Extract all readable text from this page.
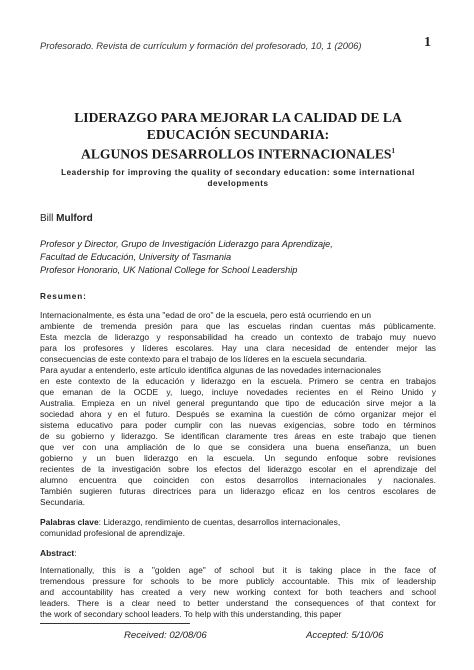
Profesorado. Revista de currículum y formación del profesorado, 10, 1 (2006)	1
LIDERAZGO PARA MEJORAR LA CALIDAD DE LA
EDUCACIÓN SECUNDARIA:
ALGUNOS DESARROLLOS INTERNACIONALES$^1$
Leadership for improving the quality of secondary education: some international
developments
Bill Mulford
Profesor y Director, Grupo de Investigación Liderazgo para Aprendizaje,
Facultad de Educación, University of Tasmania
Profesor Honorario, UK National College for School Leadership
Resumen:
Internacionalmente, es ésta una "edad de oro" de la escuela, pero está ocurriendo en un
ambiente de tremenda presión para que las escuelas rindan cuentas más públicamente.
Esta mezcla de liderazgo y responsabilidad ha creado un contexto de trabajo muy nuevo
para los profesores y líderes escolares. Hay una clara necesidad de entender mejor las
consecuencias de este contexto para el trabajo de los líderes en la escuela secundaria.
Para ayudar a entenderlo, este artículo identifica algunas de las novedades internacionales
en este contexto de la educación y liderazgo en la escuela. Primero se centra en trabajos
que emanan de la OCDE y, luego, incluye novedades recientes en el Reino Unido y
Australia. Empieza en un nivel general preguntando que tipo de educación sirve mejor a la
sociedad ahora y en el futuro. Después se examina la cuestión de cómo organizar mejor el
sistema educativo para poder cumplir con las nuevas exigencias, sobre todo en términos
de su gobierno y liderazgo. Se identifican claramente tres áreas en este trabajo que tienen
que ver con una ampliación de lo que se considera una buena enseñanza, un buen
gobierno y un buen liderazgo en la escuela. Un segundo enfoque sobre revisiones
recientes de la investigación sobre los efectos del liderazgo escolar en el aprendizaje del
alumno encuentra que coinciden con estos desarrollos internacionales y nacionales.
También sugieren futuras directrices para un liderazgo eficaz en los centros escolares de
Secundaria.
Palabras clave: Liderazgo, rendimiento de cuentas, desarrollos internacionales,
comunidad profesional de aprendizaje.
Abstract:
Internationally, this is a "golden age" of school but it is taking place in the face of
tremendous pressure for schools to be more publicly accountable. This mix of leadership
and accountability has created a very new working context for both teachers and school
leaders. There is a clear need to better understand the consequences of that context for
the work of secondary school leaders. To help with this understanding, this paper
Received: 02/08/06	Accepted: 5/10/06
